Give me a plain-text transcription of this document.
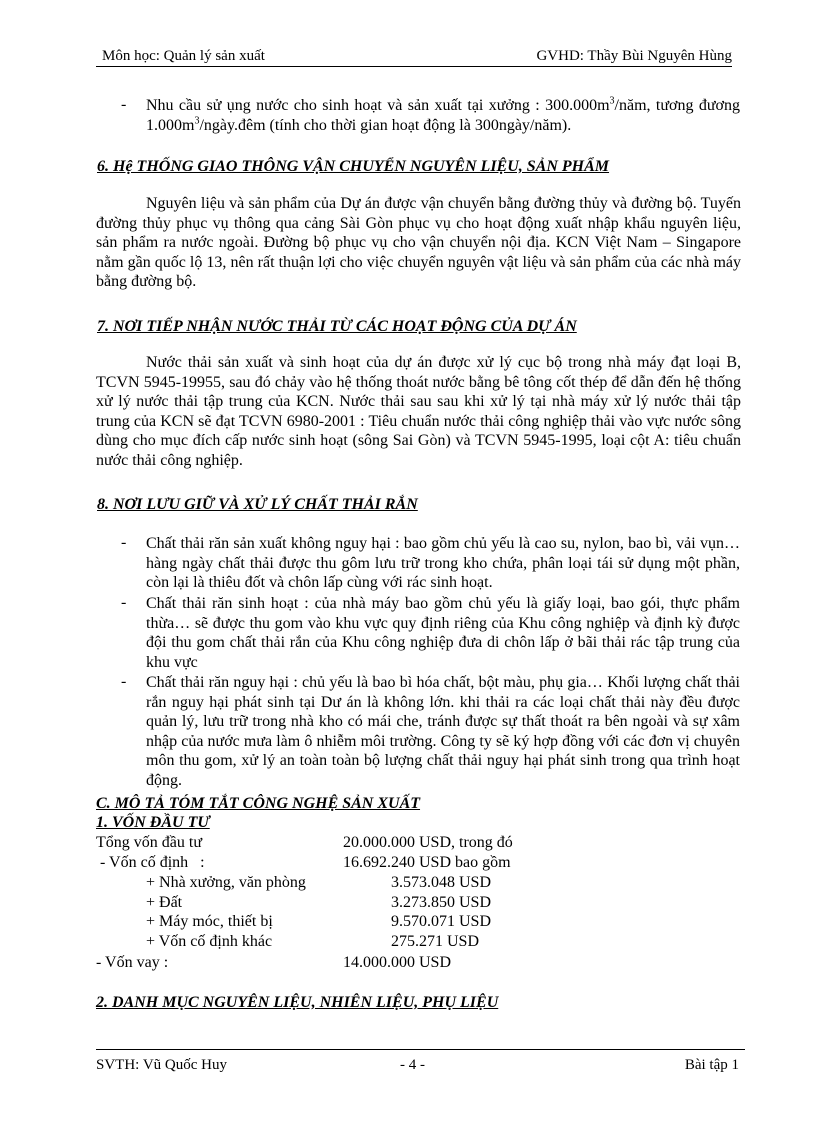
Môn học: Quản lý sản xuất	GVHD: Thầy Bùi Nguyên Hùng
- Nhu cầu sử ụng nước cho sinh hoạt và sản xuất tại xưởng : $300.000m^3$/năm, tương đương $1.000m^3/ngày.đêm$ (tính cho thời gian hoạt động là 300ngày/năm).
6. Hệ THỐNG GIAO THÔNG VẬN CHUYỂN NGUYÊN LIỆU, SẢN PHẨM
Nguyên liệu và sản phẩm của Dự án được vận chuyển bằng đường thủy và đường bộ. Tuyến đường thủy phục vụ thông qua cảng Sài Gòn phục vụ cho hoạt động xuất nhập khẩu nguyên liệu, sản phẩm ra nước ngoài. Đường bộ phục vụ cho vận chuyển nội địa. KCN Việt Nam – Singapore nằm gần quốc lộ 13, nên rất thuận lợi cho việc chuyển nguyên vật liệu và sản phẩm của các nhà máy bằng đường bộ.
7. NƠI TIẾP NHẬN NƯỚC THẢI TỪ CÁC HOẠT ĐỘNG CỦA DỰ ÁN
Nước thải sản xuất và sinh hoạt của dự án được xử lý cục bộ trong nhà máy đạt loại B, TCVN 5945-19955, sau đó chảy vào hệ thống thoát nước bằng bê tông cốt thép để dẫn đến hệ thống xử lý nước thải tập trung của KCN. Nước thải sau sau khi xử lý tại nhà máy xử lý nước thải tập trung của KCN sẽ đạt TCVN 6980-2001 : Tiêu chuẩn nước thải công nghiệp thải vào vực nước sông dùng cho mục đích cấp nước sinh hoạt (sông Sai Gòn) và TCVN 5945-1995, loại cột A: tiêu chuẩn nước thải công nghiệp.
8. NƠI LƯU GIỮ VÀ XỬ LÝ CHẤT THẢI RẮN
- Chất thải răn sản xuất không nguy hại : bao gồm chủ yếu là cao su, nylon, bao bì, vải vụn…hàng ngày chất thải được thu gôm lưu trữ trong kho chứa, phân loại tái sử dụng một phần, còn lại là thiêu đốt và chôn lấp cùng với rác sinh hoạt.
- Chất thải răn sinh hoạt : của nhà máy bao gồm chủ yếu là giấy loại, bao gói, thực phẩm thừa… sẽ được thu gom vào khu vực quy định riêng của Khu công nghiệp và định kỳ được đội thu gom chất thải rắn của Khu công nghiệp đưa di chôn lấp ở bãi thải rác tập trung của khu vực
- Chất thải răn nguy hại : chủ yếu là bao bì hóa chất, bột màu, phụ gia… Khối lượng chất thải rắn nguy hại phát sinh tại Dư án là không lớn. khi thải ra các loại chất thải này đều được quản lý, lưu trữ trong nhà kho có mái che, tránh được sự thất thoát ra bên ngoài và sự xâm nhập của nước mưa làm ô nhiễm môi trường. Công ty sẽ ký hợp đồng với các đơn vị chuyên môn thu gom, xử lý an toàn toàn bộ lượng chất thải nguy hại phát sinh trong qua trình hoạt động.
C. MÔ TẢ TÓM TẮT CÔNG NGHỆ SẢN XUẤT
1. VỐN ĐẦU TƯ
Tổng vốn đầu tư	20.000.000 USD, trong đó
- Vốn cố định   :	16.692.240 USD bao gồm
+ Nhà xưởng, văn phòng	3.573.048 USD
+ Đất	3.273.850 USD
+ Máy móc, thiết bị	9.570.071 USD
+ Vốn cố định khác	275.271 USD
- Vốn vay :	14.000.000 USD
2. DANH MỤC NGUYÊN LIỆU, NHIÊN LIỆU, PHỤ LIỆU
SVTH: Vũ Quốc Huy	- 4 -	Bài tập 1
